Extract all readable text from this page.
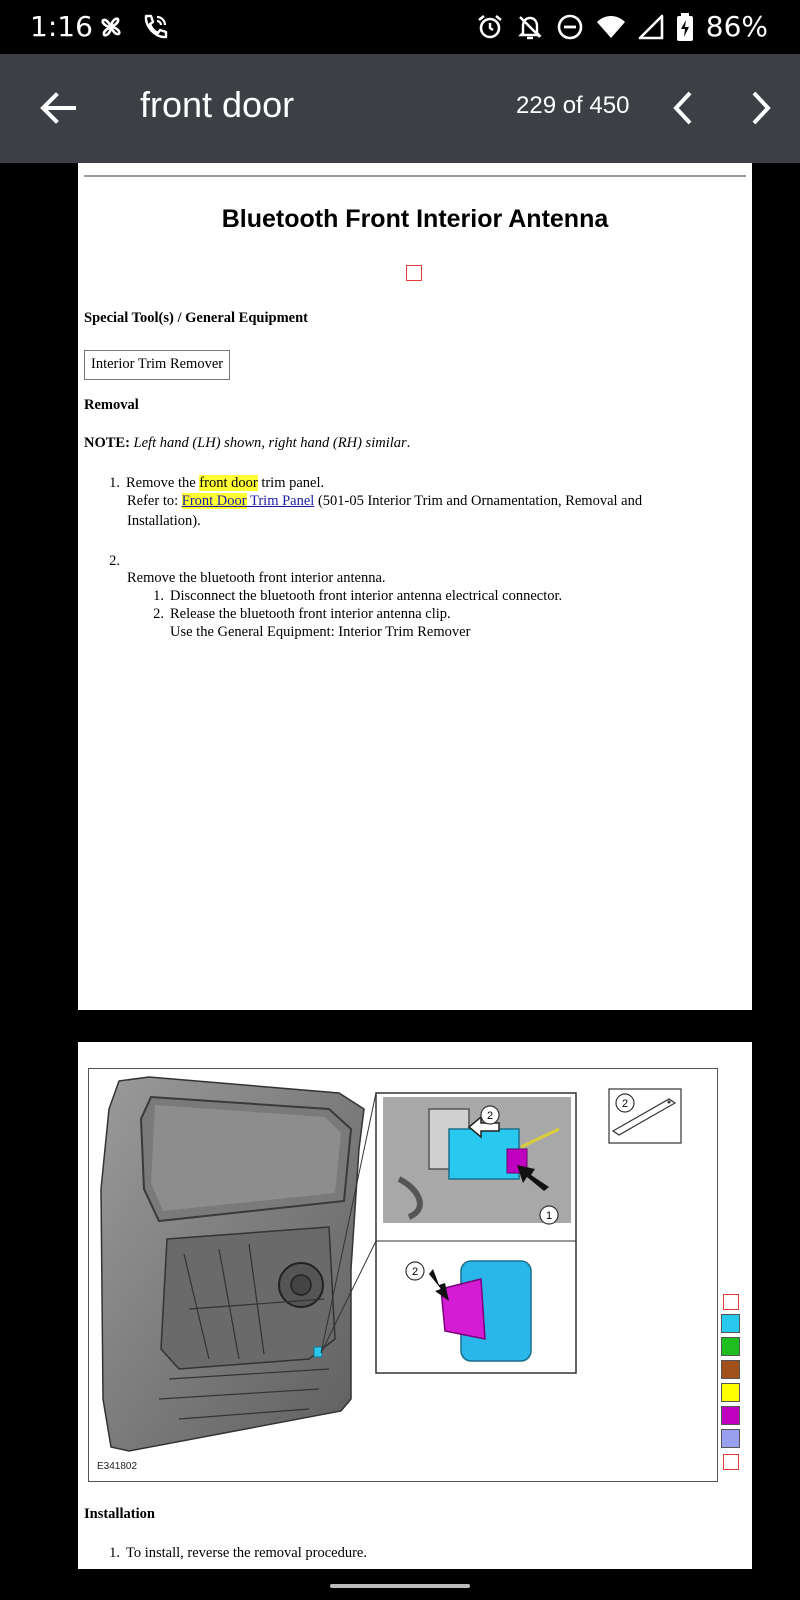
1:16	86%
front door	229 of 450
Bluetooth Front Interior Antenna
Special Tool(s) / General Equipment
Interior Trim Remover
Removal
NOTE: Left hand (LH) shown, right hand (RH) similar.
1. Remove the front door trim panel.
Refer to: Front Door Trim Panel (501-05 Interior Trim and Ornamentation, Removal and
Installation).
2.
Remove the bluetooth front interior antenna.
1. Disconnect the bluetooth front interior antenna electrical connector.
2. Release the bluetooth front interior antenna clip.
Use the General Equipment: Interior Trim Remover
2
1
2
2
E341802
Installation
1. To install, reverse the removal procedure.
